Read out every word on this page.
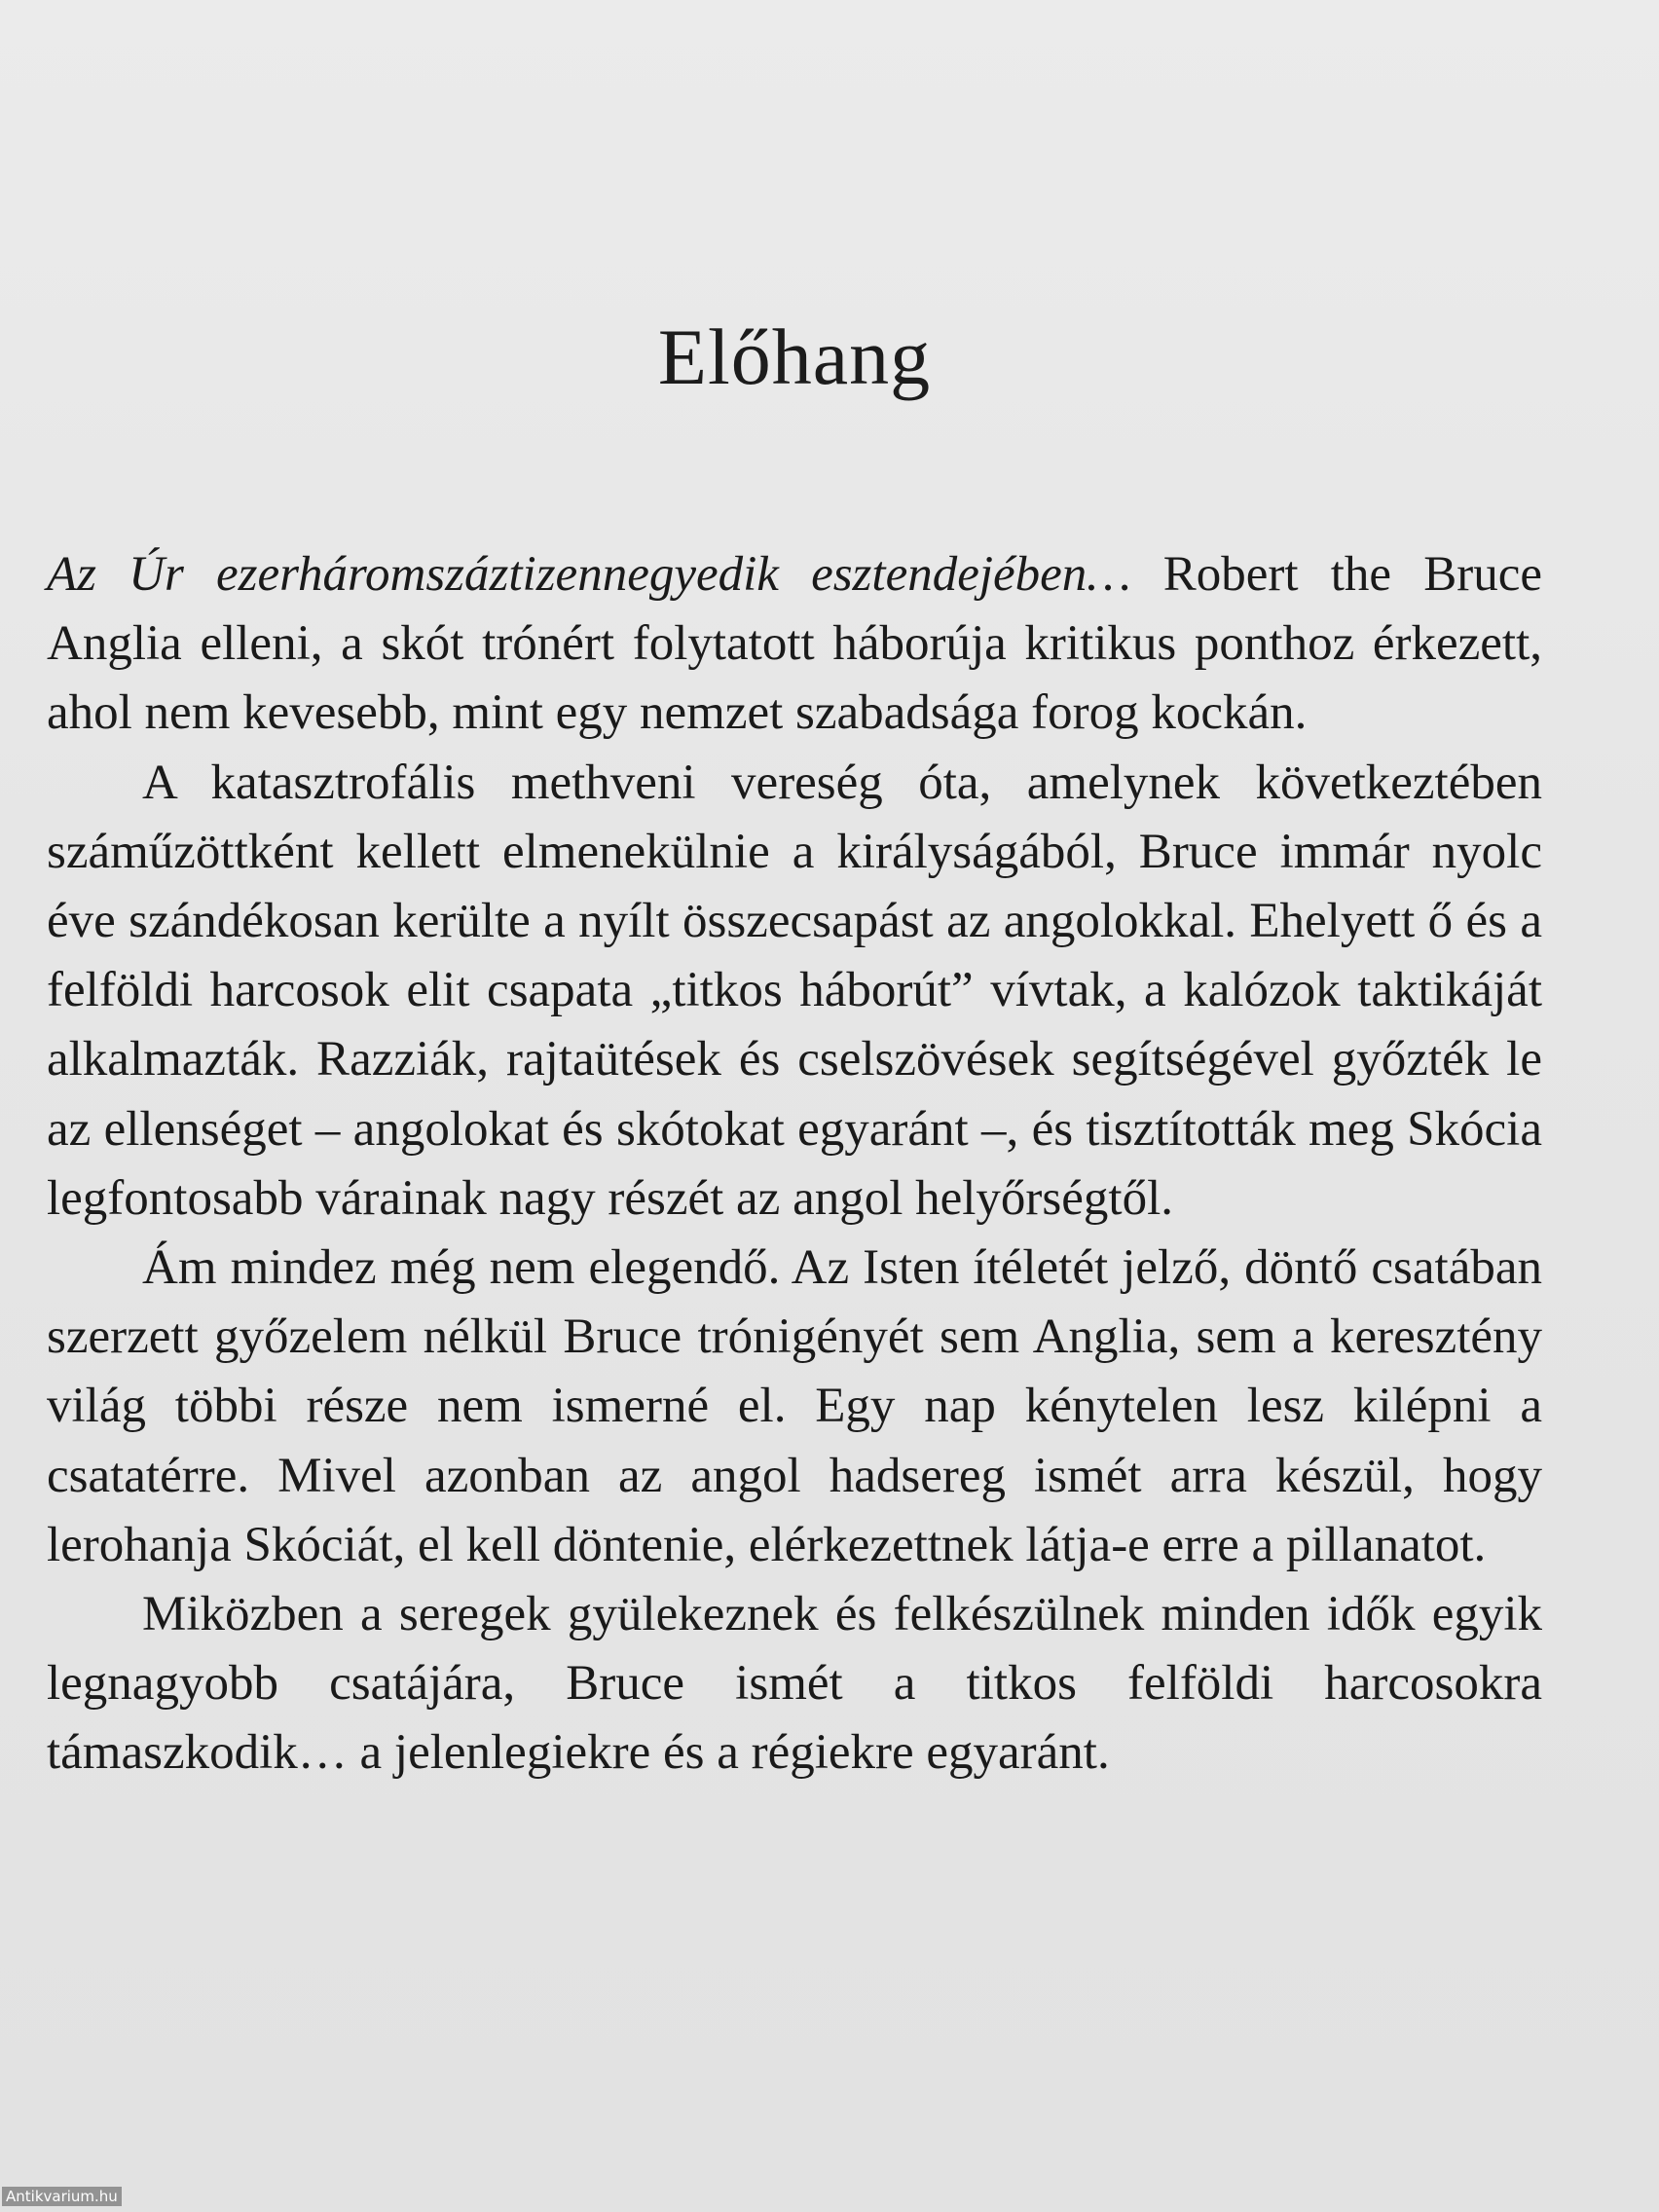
Előhang

Az Úr ezerháromszáztizennegyedik esztendejében… Robert the Bruce Anglia elleni, a skót trónért folytatott háborúja kritikus ponthoz érkezett, ahol nem kevesebb, mint egy nemzet szabadsága forog kockán.

A katasztrofális methveni vereség óta, amelynek következtében száműzöttként kellett elmenekülnie a királyságából, Bruce immár nyolc éve szándékosan kerülte a nyílt összecsapást az angolokkal. Ehelyett ő és a felföldi harcosok elit csapata „titkos háborút” vívtak, a kalózok taktikáját alkalmazták. Razziák, rajtaütések és cselszövések segítségével győzték le az ellenséget – angolokat és skótokat egyaránt –, és tisztították meg Skócia legfontosabb várainak nagy részét az angol helyőrségtől.

Ám mindez még nem elegendő. Az Isten ítéletét jelző, döntő csatában szerzett győzelem nélkül Bruce trónigényét sem Anglia, sem a keresztény világ többi része nem ismerné el. Egy nap kénytelen lesz kilépni a csatatérre. Mivel azonban az angol hadsereg ismét arra készül, hogy lerohanja Skóciát, el kell döntenie, elérkezettnek látja-e erre a pillanatot.

Miközben a seregek gyülekeznek és felkészülnek minden idők egyik legnagyobb csatájára, Bruce ismét a titkos felföldi harcosokra támaszkodik… a jelenlegiekre és a régiekre egyaránt.

Antikvarium.hu
